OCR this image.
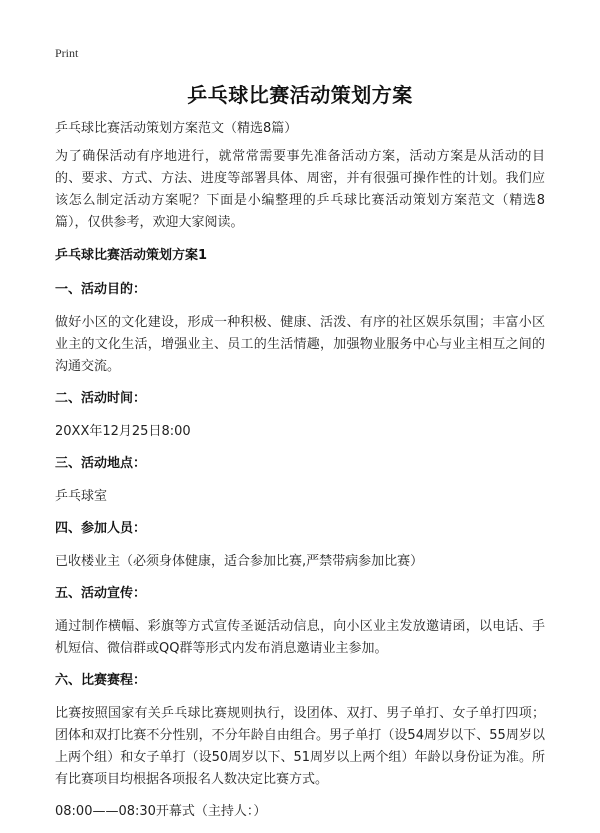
Print
乒乓球比赛活动策划方案

乒乓球比赛活动策划方案范文（精选8篇）

为了确保活动有序地进行，就常常需要事先准备活动方案，活动方案是从活动的目的、要求、方式、方法、进度等部署具体、周密，并有很强可操作性的计划。我们应该怎么制定活动方案呢？下面是小编整理的乒乓球比赛活动策划方案范文（精选8篇），仅供参考，欢迎大家阅读。

乒乓球比赛活动策划方案1
一、活动目的：

做好小区的文化建设，形成一种积极、健康、活泼、有序的社区娱乐氛围；丰富小区业主的文化生活，增强业主、员工的生活情趣，加强物业服务中心与业主相互之间的沟通交流。

二、活动时间：

20XX年12月25日8:00

三、活动地点：

乒乓球室

四、参加人员：

已收楼业主（必须身体健康，适合参加比赛,严禁带病参加比赛）

五、活动宣传：

通过制作横幅、彩旗等方式宣传圣诞活动信息，向小区业主发放邀请函，以电话、手机短信、微信群或QQ群等形式内发布消息邀请业主参加。

六、比赛赛程：

比赛按照国家有关乒乓球比赛规则执行，设团体、双打、男子单打、女子单打四项；团体和双打比赛不分性别，不分年龄自由组合。男子单打（设54周岁以下、55周岁以上两个组）和女子单打（设50周岁以下、51周岁以上两个组）年龄以身份证为准。所有比赛项目均根据各项报名人数决定比赛方式。

08:00——08:30开幕式（主持人：）
